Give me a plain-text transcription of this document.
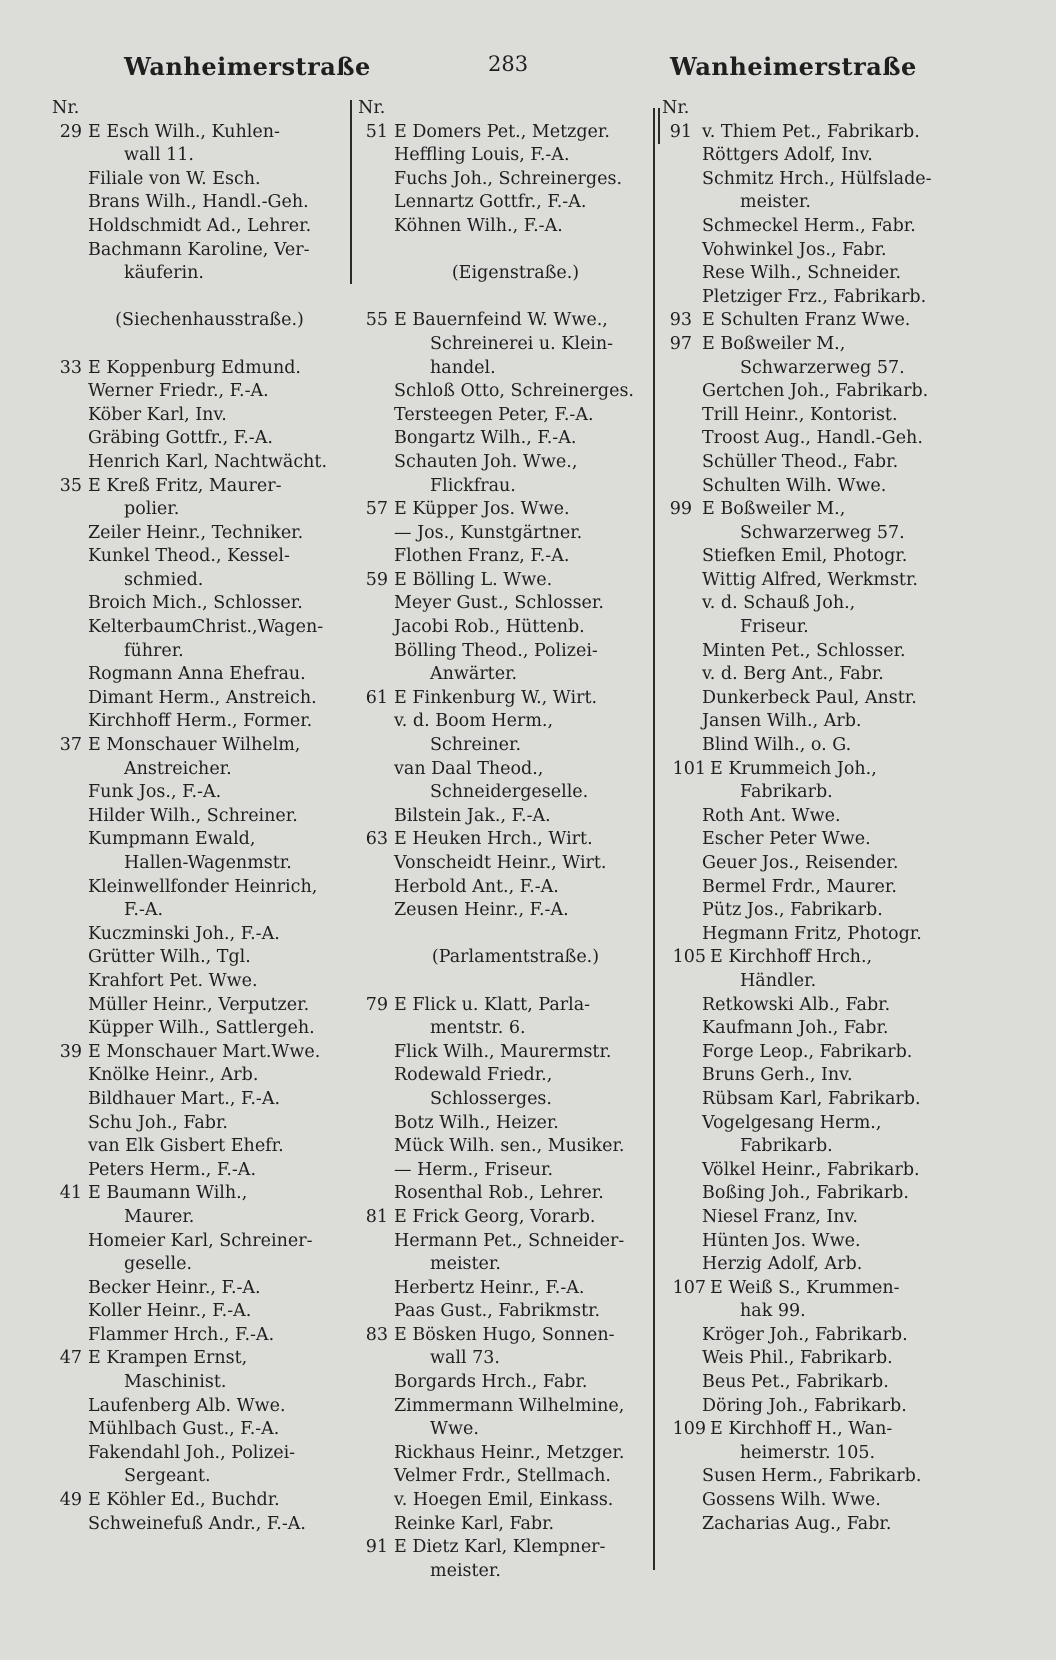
Wanheimerstraße	283	Wanheimerstraße
Nr.
29 E Esch Wilh., Kuhlen-
wall 11.
Filiale von W. Esch.
Brans Wilh., Handl.-Geh.
Holdschmidt Ad., Lehrer.
Bachmann Karoline, Ver-
käuferin.
(Siechenhausstraße.)
33 E Koppenburg Edmund.
Werner Friedr., F.-A.
Köber Karl, Inv.
Gräbing Gottfr., F.-A.
Henrich Karl, Nachtwächt.
35 E Kreß Fritz, Maurer-
polier.
Zeiler Heinr., Techniker.
Kunkel Theod., Kessel-
schmied.
Broich Mich., Schlosser.
KelterbaumChrist.,Wagen-
führer.
Rogmann Anna Ehefrau.
Dimant Herm., Anstreich.
Kirchhoff Herm., Former.
37 E Monschauer Wilhelm,
Anstreicher.
Funk Jos., F.-A.
Hilder Wilh., Schreiner.
Kumpmann Ewald,
Hallen-Wagenmstr.
Kleinwellfonder Heinrich,
F.-A.
Kuczminski Joh., F.-A.
Grütter Wilh., Tgl.
Krahfort Pet. Wwe.
Müller Heinr., Verputzer.
Küpper Wilh., Sattlergeh.
39 E Monschauer Mart.Wwe.
Knölke Heinr., Arb.
Bildhauer Mart., F.-A.
Schu Joh., Fabr.
van Elk Gisbert Ehefr.
Peters Herm., F.-A.
41 E Baumann Wilh.,
Maurer.
Homeier Karl, Schreiner-
geselle.
Becker Heinr., F.-A.
Koller Heinr., F.-A.
Flammer Hrch., F.-A.
47 E Krampen Ernst,
Maschinist.
Laufenberg Alb. Wwe.
Mühlbach Gust., F.-A.
Fakendahl Joh., Polizei-
Sergeant.
49 E Köhler Ed., Buchdr.
Schweinefuß Andr., F.-A.
Nr.
51 E Domers Pet., Metzger.
Heffling Louis, F.-A.
Fuchs Joh., Schreinerges.
Lennartz Gottfr., F.-A.
Köhnen Wilh., F.-A.
(Eigenstraße.)
55 E Bauernfeind W. Wwe.,
Schreinerei u. Klein-
handel.
Schloß Otto, Schreinerges.
Tersteegen Peter, F.-A.
Bongartz Wilh., F.-A.
Schauten Joh. Wwe.,
Flickfrau.
57 E Küpper Jos. Wwe.
— Jos., Kunstgärtner.
Flothen Franz, F.-A.
59 E Bölling L. Wwe.
Meyer Gust., Schlosser.
Jacobi Rob., Hüttenb.
Bölling Theod., Polizei-
Anwärter.
61 E Finkenburg W., Wirt.
v. d. Boom Herm.,
Schreiner.
van Daal Theod.,
Schneidergeselle.
Bilstein Jak., F.-A.
63 E Heuken Hrch., Wirt.
Vonscheidt Heinr., Wirt.
Herbold Ant., F.-A.
Zeusen Heinr., F.-A.
(Parlamentstraße.)
79 E Flick u. Klatt, Parla-
mentstr. 6.
Flick Wilh., Maurermstr.
Rodewald Friedr.,
Schlosserges.
Botz Wilh., Heizer.
Mück Wilh. sen., Musiker.
— Herm., Friseur.
Rosenthal Rob., Lehrer.
81 E Frick Georg, Vorarb.
Hermann Pet., Schneider-
meister.
Herbertz Heinr., F.-A.
Paas Gust., Fabrikmstr.
83 E Bösken Hugo, Sonnen-
wall 73.
Borgards Hrch., Fabr.
Zimmermann Wilhelmine,
Wwe.
Rickhaus Heinr., Metzger.
Velmer Frdr., Stellmach.
v. Hoegen Emil, Einkass.
Reinke Karl, Fabr.
91 E Dietz Karl, Klempner-
meister.
Nr.
91 v. Thiem Pet., Fabrikarb.
Röttgers Adolf, Inv.
Schmitz Hrch., Hülfslade-
meister.
Schmeckel Herm., Fabr.
Vohwinkel Jos., Fabr.
Rese Wilh., Schneider.
Pletziger Frz., Fabrikarb.
93 E Schulten Franz Wwe.
97 E Boßweiler M.,
Schwarzerweg 57.
Gertchen Joh., Fabrikarb.
Trill Heinr., Kontorist.
Troost Aug., Handl.-Geh.
Schüller Theod., Fabr.
Schulten Wilh. Wwe.
99 E Boßweiler M.,
Schwarzerweg 57.
Stiefken Emil, Photogr.
Wittig Alfred, Werkmstr.
v. d. Schauß Joh.,
Friseur.
Minten Pet., Schlosser.
v. d. Berg Ant., Fabr.
Dunkerbeck Paul, Anstr.
Jansen Wilh., Arb.
Blind Wilh., o. G.
101 E Krummeich Joh.,
Fabrikarb.
Roth Ant. Wwe.
Escher Peter Wwe.
Geuer Jos., Reisender.
Bermel Frdr., Maurer.
Pütz Jos., Fabrikarb.
Hegmann Fritz, Photogr.
105 E Kirchhoff Hrch.,
Händler.
Retkowski Alb., Fabr.
Kaufmann Joh., Fabr.
Forge Leop., Fabrikarb.
Bruns Gerh., Inv.
Rübsam Karl, Fabrikarb.
Vogelgesang Herm.,
Fabrikarb.
Völkel Heinr., Fabrikarb.
Boßing Joh., Fabrikarb.
Niesel Franz, Inv.
Hünten Jos. Wwe.
Herzig Adolf, Arb.
107 E Weiß S., Krummen-
hak 99.
Kröger Joh., Fabrikarb.
Weis Phil., Fabrikarb.
Beus Pet., Fabrikarb.
Döring Joh., Fabrikarb.
109 E Kirchhoff H., Wan-
heimerstr. 105.
Susen Herm., Fabrikarb.
Gossens Wilh. Wwe.
Zacharias Aug., Fabr.
